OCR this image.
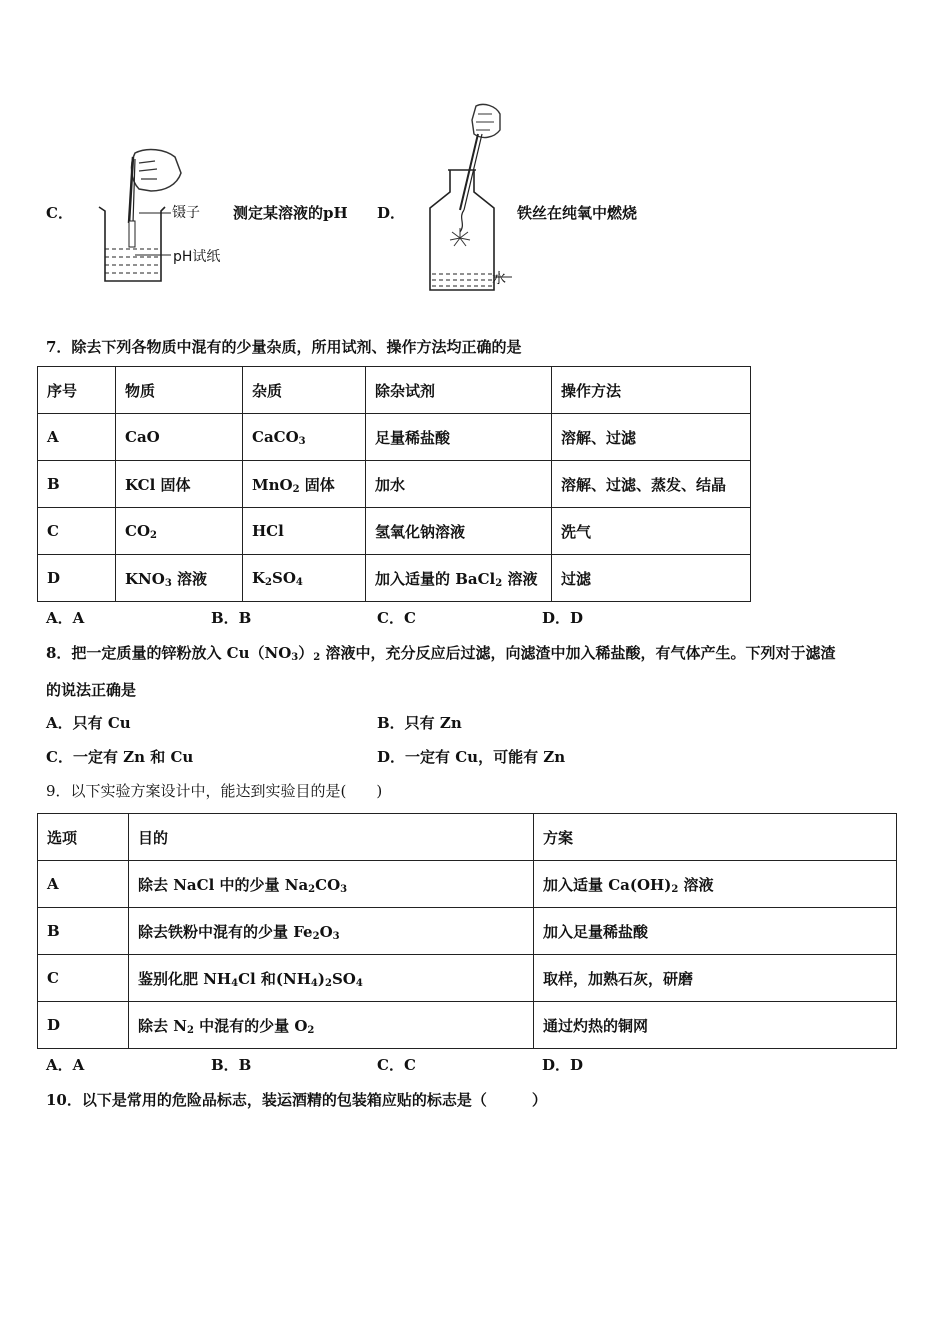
C．	镊子
pH试纸
测定某溶液的pH D．
水
铁丝在纯氧中燃烧
7．除去下列各物质中混有的少量杂质，所用试剂、操作方法均正确的是
序号	物质	杂质	除杂试剂	操作方法
A	CaO	CaCO$_3$	足量稀盐酸	溶解、过滤
B	KCl 固体	MnO$_2$ 固体	加水	溶解、过滤、蒸发、结晶
C	$CO_2$	HCl	氢氧化钠溶液	洗气
D	$KNO_3$ 溶液	$K_2SO_4$	加入适量的 BaCl$_2$ 溶液	过滤
A．A	B．B	C．C	D．D
8．把一定质量的锌粉放入 $Cu(NO_3)_2$ 溶液中，充分反应后过滤，向滤渣中加入稀盐酸，有气体产生。下列对于滤渣
的说法正确是
A．只有 Cu	B．只有 Zn
C．一定有 Zn 和 Cu	D．一定有 Cu，可能有 Zn
9．以下实验方案设计中，能达到实验目的是(　　)
选项	目的	方案
A	除去 NaCl 中的少量 $Na_2CO_3$	加入适量 $Ca(OH)_2$ 溶液
B	除去铁粉中混有的少量 $Fe_2O_3$	加入足量稀盐酸
C	鉴别化肥 $NH_4Cl$ 和$(NH_4)_2SO_4$	取样，加熟石灰，研磨
D	除去 $N_2$ 中混有的少量 $O_2$	通过灼热的铜网
A．A	B．B	C．C	D．D
10．以下是常用的危险品标志，装运酒精的包装箱应贴的标志是（　　　）
